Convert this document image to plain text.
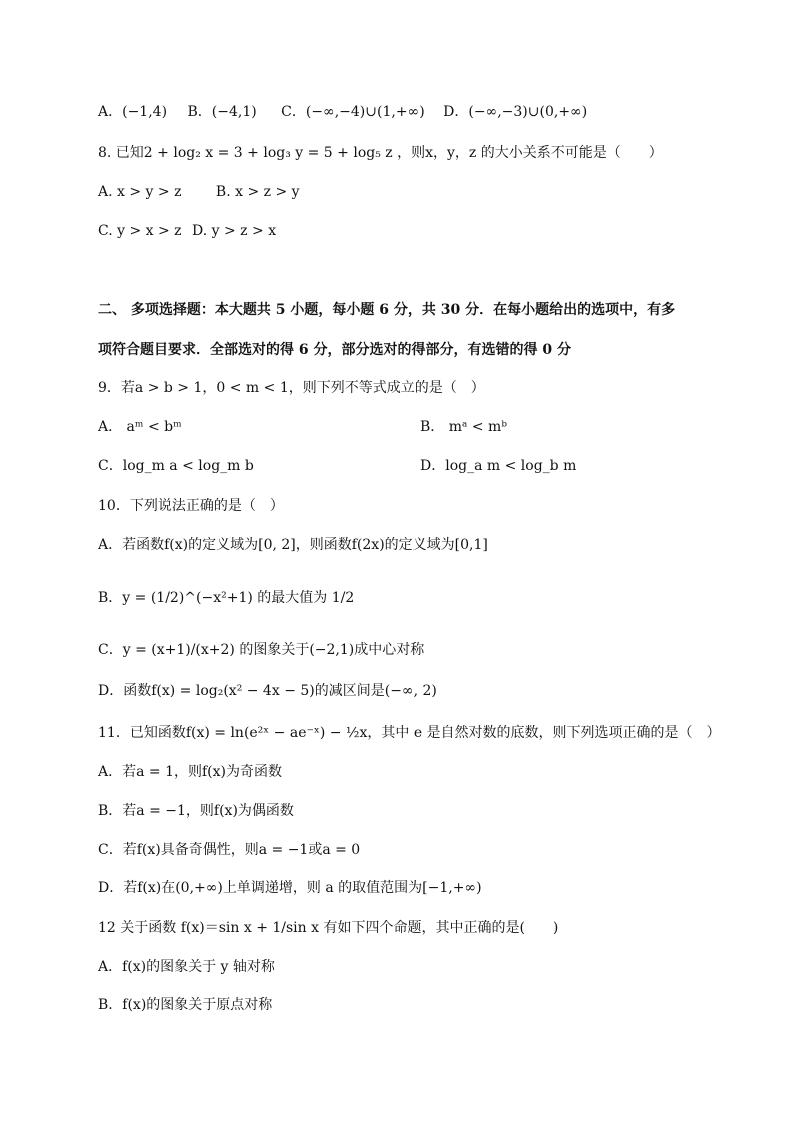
A．(−1,4) B．(−4,1) C．(−∞,−4)∪(1,+∞) D．(−∞,−3)∪(0,+∞)
8. 已知2 + log₂ x = 3 + log₃ y = 5 + log₅ z ，则x，y，z 的大小关系不可能是（　　）
A. x > y > z B. x > z > y
C. y > x > z D. y > z > x
二、 多项选择题：本大题共 5 小题，每小题 6 分，共 30 分．在每小题给出的选项中，有多
项符合题目要求．全部选对的得 6 分，部分选对的得部分，有选错的得 0 分
9．若a > b > 1，0 < m < 1，则下列不等式成立的是（　）
A． aᵐ < bᵐ	B． mᵃ < mᵇ
C．log_m a < log_m b	D．log_a m < log_b m
10．下列说法正确的是（　）
A．若函数f(x)的定义域为[0, 2]，则函数f(2x)的定义域为[0,1]
B．y = (1/2)^(−x²+1) 的最大值为 1/2
C．y = (x+1)/(x+2) 的图象关于(−2,1)成中心对称
D．函数f(x) = log₂(x² − 4x − 5)的减区间是(−∞, 2)
11．已知函数f(x) = ln(e²ˣ − ae⁻ˣ) − ½x，其中 e 是自然对数的底数，则下列选项正确的是（　）
A．若a = 1，则f(x)为奇函数
B．若a = −1，则f(x)为偶函数
C．若f(x)具备奇偶性，则a = −1或a = 0
D．若f(x)在(0,+∞)上单调递增，则 a 的取值范围为[−1,+∞)
12 关于函数 f(x)＝sin x + 1/sin x 有如下四个命题，其中正确的是(　　)
A．f(x)的图象关于 y 轴对称
B．f(x)的图象关于原点对称
